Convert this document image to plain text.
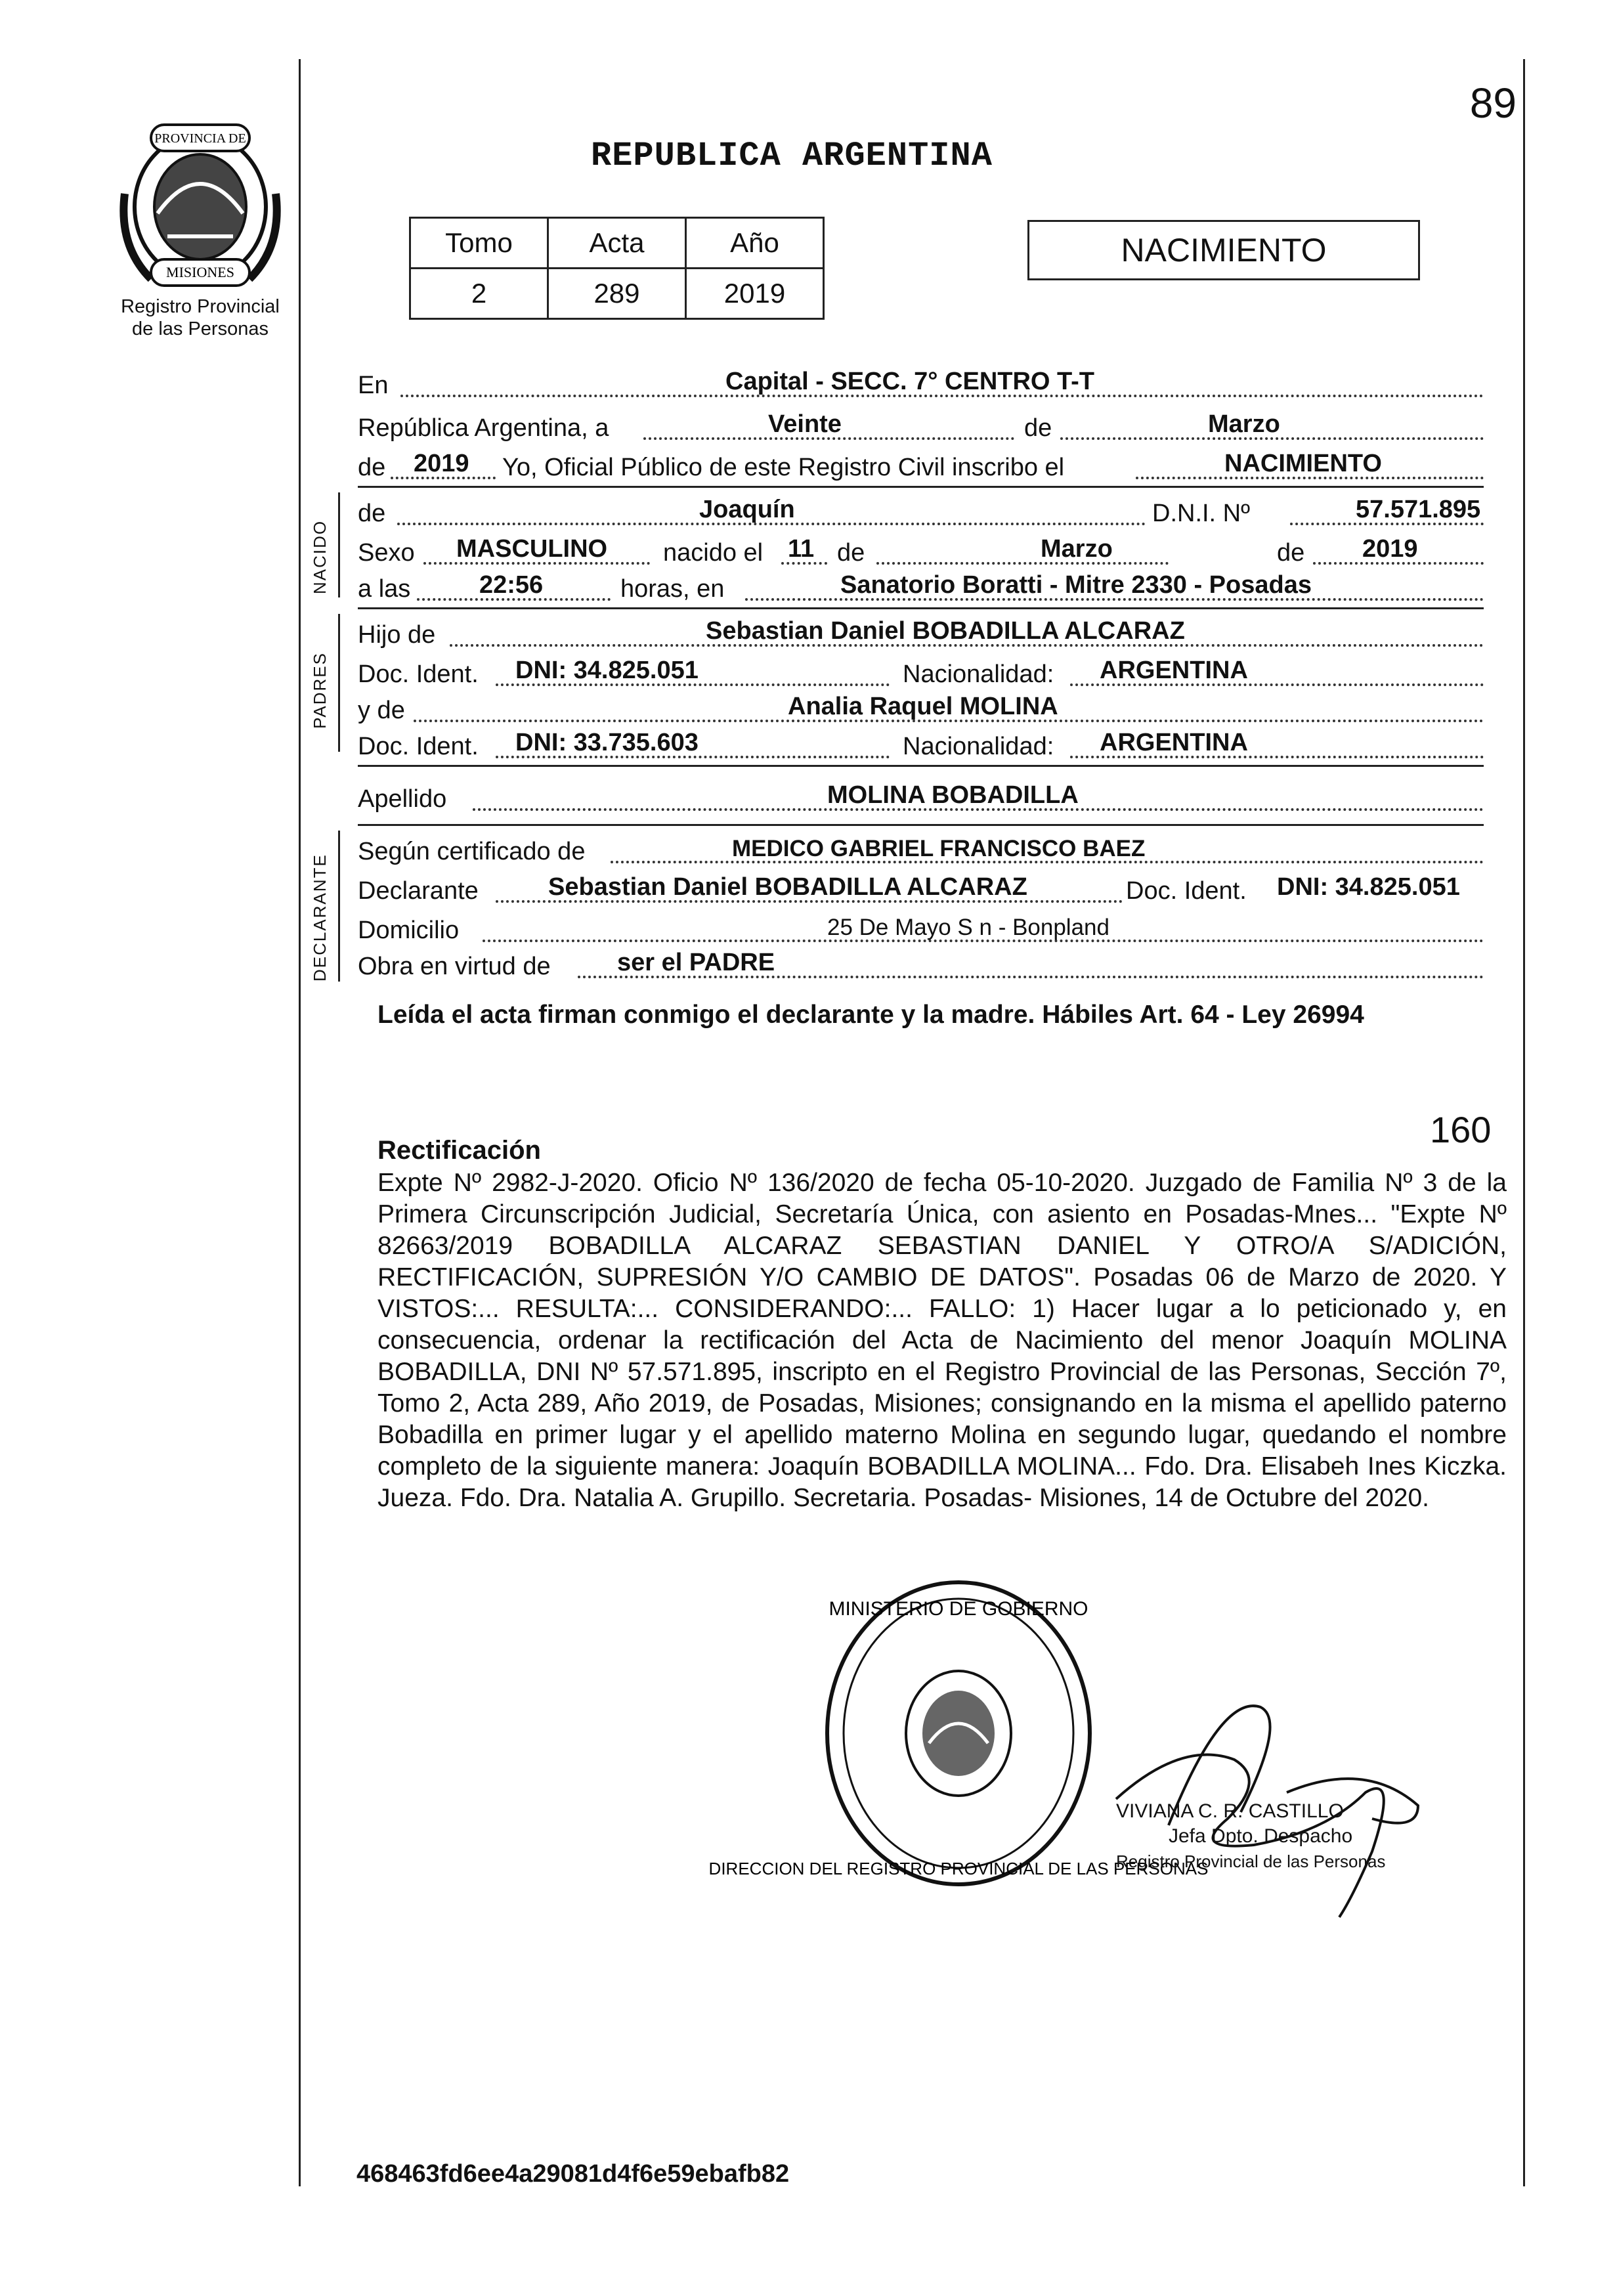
PROVINCIA DE
MISIONES
Registro Provincial
de las Personas
89
REPUBLICA ARGENTINA
Tomo	Acta	Año
2	289	2019
NACIMIENTO
En	Capital - SECC. 7° CENTRO T-T
República Argentina, a	Veinte	de	Marzo
de 2019 Yo, Oficial Público de este Registro Civil inscribo el	NACIMIENTO
NACIDO
de	Joaquín	D.N.I. Nº	57.571.895
Sexo MASCULINO nacido el 11 de	Marzo	de 2019
a las	22:56	horas, en	Sanatorio Boratti - Mitre 2330 - Posadas
PADRES
Hijo de	Sebastian Daniel BOBADILLA ALCARAZ
Doc. Ident. DNI: 34.825.051	Nacionalidad: ARGENTINA
y de	Analia Raquel MOLINA
Doc. Ident. DNI: 33.735.603	Nacionalidad: ARGENTINA
Apellido	MOLINA BOBADILLA
DECLARANTE
Según certificado de	MEDICO GABRIEL FRANCISCO BAEZ
Declarante	Sebastian Daniel BOBADILLA ALCARAZ	Doc. Ident. DNI: 34.825.051
Domicilio	25 De Mayo S n - Bonpland
Obra en virtud de	ser el PADRE
Leída el acta firman conmigo el declarante y la madre. Hábiles Art. 64 - Ley 26994
160
Rectificación
Expte Nº 2982-J-2020. Oficio Nº 136/2020 de fecha 05-10-2020. Juzgado de Familia Nº 3 de la Primera Circunscripción Judicial, Secretaría Única, con asiento en Posadas-Mnes... "Expte Nº 82663/2019 BOBADILLA ALCARAZ SEBASTIAN DANIEL Y OTRO/A S/ADICIÓN, RECTIFICACIÓN, SUPRESIÓN Y/O CAMBIO DE DATOS". Posadas 06 de Marzo de 2020. Y VISTOS:... RESULTA:... CONSIDERANDO:... FALLO: 1) Hacer lugar a lo peticionado y, en consecuencia, ordenar la rectificación del Acta de Nacimiento del menor Joaquín MOLINA BOBADILLA, DNI Nº 57.571.895, inscripto en el Registro Provincial de las Personas, Sección 7º, Tomo 2, Acta 289, Año 2019, de Posadas, Misiones; consignando en la misma el apellido paterno Bobadilla en primer lugar y el apellido materno Molina en segundo lugar, quedando el nombre completo de la siguiente manera: Joaquín BOBADILLA MOLINA... Fdo. Dra. Elisabeh Ines Kiczka. Jueza. Fdo. Dra. Natalia A. Grupillo. Secretaria. Posadas- Misiones, 14 de Octubre del 2020.
MINISTERIO DE GOBIERNO
DIRECCION DEL REGISTRO PROVINCIAL DE LAS PERSONAS
VIVIANA C. R. CASTILLO
Jefa Dpto. Despacho
Registro Provincial de las Personas
468463fd6ee4a29081d4f6e59ebafb82
